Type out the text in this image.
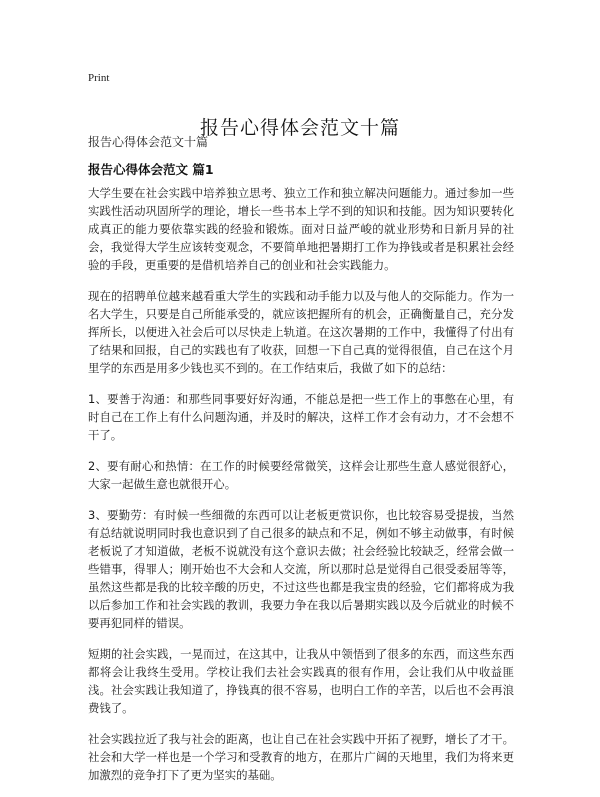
Print
报告心得体会范文十篇
报告心得体会范文十篇
报告心得体会范文 篇1

大学生要在社会实践中培养独立思考、独立工作和独立解决问题能力。通过参加一些实践性活动巩固所学的理论，增长一些书本上学不到的知识和技能。因为知识要转化成真正的能力要依靠实践的经验和锻炼。面对日益严峻的就业形势和日新月异的社会，我觉得大学生应该转变观念，不要简单地把暑期打工作为挣钱或者是积累社会经验的手段，更重要的是借机培养自己的创业和社会实践能力。

现在的招聘单位越来越看重大学生的实践和动手能力以及与他人的交际能力。作为一名大学生，只要是自己所能承受的，就应该把握所有的机会，正确衡量自己，充分发挥所长，以便进入社会后可以尽快走上轨道。在这次暑期的工作中，我懂得了付出有了结果和回报，自己的实践也有了收获，回想一下自己真的觉得很值，自己在这个月里学的东西是用多少钱也买不到的。在工作结束后，我做了如下的总结：

1、要善于沟通：和那些同事要好好沟通，不能总是把一些工作上的事憋在心里，有时自己在工作上有什么问题沟通，并及时的解决，这样工作才会有动力，才不会想不干了。

2、要有耐心和热情：在工作的时候要经常微笑，这样会让那些生意人感觉很舒心，大家一起做生意也就很开心。

3、要勤劳：有时候一些细微的东西可以让老板更赏识你，也比较容易受提拔，当然有总结就说明同时我也意识到了自己很多的缺点和不足，例如不够主动做事，有时候老板说了才知道做，老板不说就没有这个意识去做；社会经验比较缺乏，经常会做一些错事，得罪人；刚开始也不大会和人交流，所以那时总是觉得自己很受委屈等等，虽然这些都是我的比较辛酸的历史，不过这些也都是我宝贵的经验，它们都将成为我以后参加工作和社会实践的教训，我要力争在我以后暑期实践以及今后就业的时候不要再犯同样的错误。

短期的社会实践，一晃而过，在这其中，让我从中领悟到了很多的东西，而这些东西都将会让我终生受用。学校让我们去社会实践真的很有作用，会让我们从中收益匪浅。社会实践让我知道了，挣钱真的很不容易，也明白工作的辛苦，以后也不会再浪费钱了。

社会实践拉近了我与社会的距离，也让自己在社会实践中开拓了视野，增长了才干。社会和大学一样也是一个学习和受教育的地方，在那片广阔的天地里，我们为将来更加激烈的竞争打下了更为坚实的基础。
